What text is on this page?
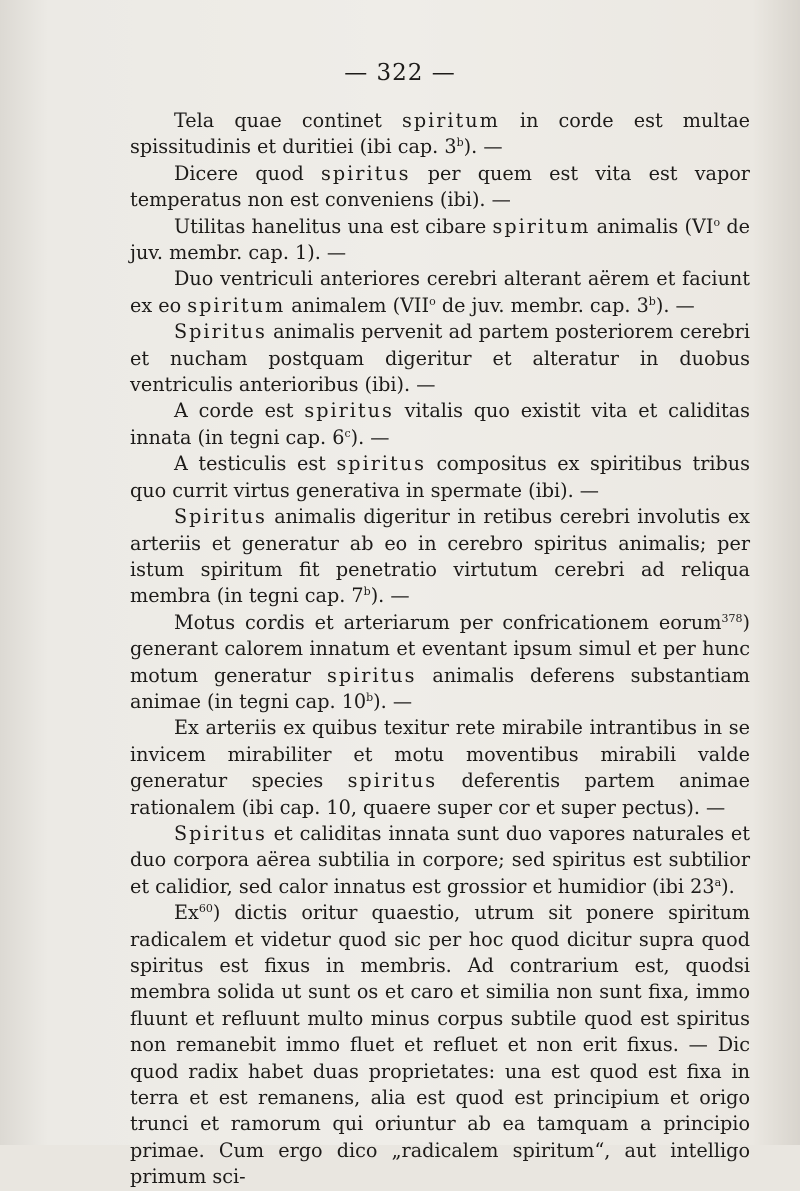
— 322 —

Tela quae continet spiritum in corde est multae spissitudinis et duritiei (ibi cap. 3$^b$). —

Dicere quod spiritus per quem est vita est vapor temperatus non est conveniens (ibi). —

Utilitas hanelitus una est cibare spiritum animalis ($VI^o$ de juv. membr. cap. 1). —

Duo ventriculi anteriores cerebri alterant aërem et faciunt ex eo spiritum animalem (VII$^o$ de juv. membr. cap. 3$^b$). —

Spiritus animalis pervenit ad partem posteriorem cerebri et nucham postquam digeritur et alteratur in duobus ventriculis anterioribus (ibi). —

A corde est spiritus vitalis quo existit vita et caliditas innata (in tegni cap. 6$^c$). —

A testiculis est spiritus compositus ex spiritibus tribus quo currit virtus generativa in spermate (ibi). —

Spiritus animalis digeritur in retibus cerebri involutis ex arteriis et generatur ab eo in cerebro spiritus animalis; per istum spiritum fit penetratio virtutum cerebri ad reliqua membra (in tegni cap. 7$^b$). —

Motus cordis et arteriarum per confricationem eorum$^{378}$) generant calorem innatum et eventant ipsum simul et per hunc motum generatur spiritus animalis deferens substantiam animae (in tegni cap. 10$^b$). —

Ex arteriis ex quibus texitur rete mirabile intrantibus in se invicem mirabiliter et motu moventibus mirabili valde generatur species spiritus deferentis partem animae rationalem (ibi cap. 10, quaere super cor et super pectus). —

Spiritus et caliditas innata sunt duo vapores naturales et duo corpora aërea subtilia in corpore; sed spiritus est subtilior et calidior, sed calor innatus est grossior et humidior (ibi 23$^a$).

Ex$^{60}$) dictis oritur quaestio, utrum sit ponere spiritum radicalem et videtur quod sic per hoc quod dicitur supra quod spiritus est fixus in membris. Ad contrarium est, quodsi membra solida ut sunt os et caro et similia non sunt fixa, immo fluunt et refluunt multo minus corpus subtile quod est spiritus non remanebit immo fluet et refluet et non erit fixus. — Dic quod radix habet duas proprietates: una est quod est fixa in terra et est remanens, alia est quod est principium et origo trunci et ramorum qui oriuntur ab ea tamquam a principio primae. Cum ergo dico „radicalem spiritum“, aut intelligo primum sci-
